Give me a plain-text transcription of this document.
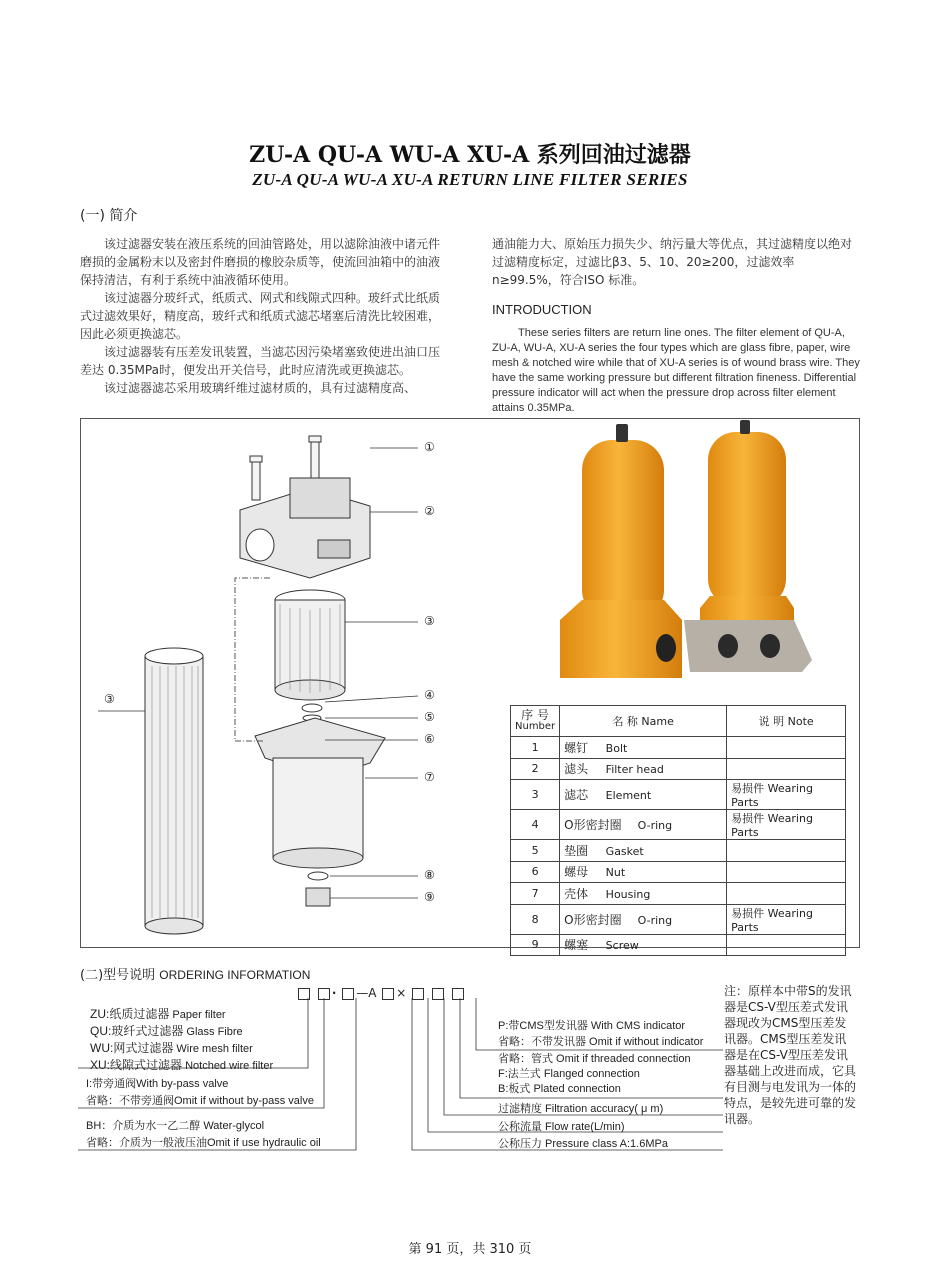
ZU-A QU-A WU-A XU-A 系列回油过滤器
ZU-A QU-A WU-A XU-A RETURN LINE FILTER SERIES
(一) 简介

该过滤器安装在液压系统的回油管路处，用以滤除油液中诸元件磨损的金属粉末以及密封件磨损的橡胶杂质等，使流回油箱中的油液保持清洁，有利于系统中油液循环使用。

该过滤器分玻纤式，纸质式、网式和线隙式四种。玻纤式比纸质式过滤效果好，精度高，玻纤式和纸质式滤芯堵塞后清洗比较困难，因此必须更换滤芯。

该过滤器装有压差发讯装置，当滤芯因污染堵塞致使进出油口压差达 0.35MPa时，便发出开关信号，此时应清洗或更换滤芯。

该过滤器滤芯采用玻璃纤维过滤材质的，具有过滤精度高、

通油能力大、原始压力损失少、纳污量大等优点，其过滤精度以绝对过滤精度标定，过滤比β3、5、10、20≥200，过滤效率n≥99.5%，符合ISO 标准。
INTRODUCTION

These series filters are return line ones. The filter element of QU-A, ZU-A, WU-A, XU-A series the four types which are glass fibre, paper, wire mesh & notched wire while that of XU-A series is of wound brass wire. They have the same working pressure but different filtration fineness. Differential pressure indicator will act when the pressure drop across filter element attains 0.35MPa.

①
②
③
④
⑤
⑥
⑦
⑧
⑨
③
序 号
Number	名 称 Name	说 明 Note
1	螺钉 Bolt	
2	滤头 Filter head	
3	滤芯 Element	易损件 Wearing Parts
4	O形密封圈 O-ring	易损件 Wearing Parts
5	垫圈 Gasket	
6	螺母 Nut	
7	壳体 Housing	
8	O形密封圈 O-ring	易损件 Wearing Parts
9	螺塞 Screw	
(二)型号说明 ORDERING INFORMATION
· —A ×
ZU:纸质过滤器 Paper filter
QU:玻纤式过滤器 Glass Fibre
WU:网式过滤器 Wire mesh filter
XU:线隙式过滤器 Notched wire filter
I:带旁通阀With by-pass valve
省略：不带旁通阀Omit if without by-pass valve
BH：介质为水一乙二醇 Water-glycol
省略：介质为一般液压油Omit if use hydraulic oil
P:带CMS型发讯器 With CMS indicator
省略：不带发讯器 Omit if without indicator
省略：管式 Omit if threaded connection
F:法兰式 Flanged connection
B:板式 Plated connection
过滤精度 Filtration accuracy( μ m)
公称流量 Flow rate(L/min)
公称压力 Pressure class A:1.6MPa
注：原样本中带S的发讯器是CS-V型压差式发讯器现改为CMS型压差发讯器。CMS型压差发讯器是在CS-V型压差发讯器基础上改进而成，它具有目测与电发讯为一体的特点，是较先进可靠的发讯器。
第 91 页，共 310 页
